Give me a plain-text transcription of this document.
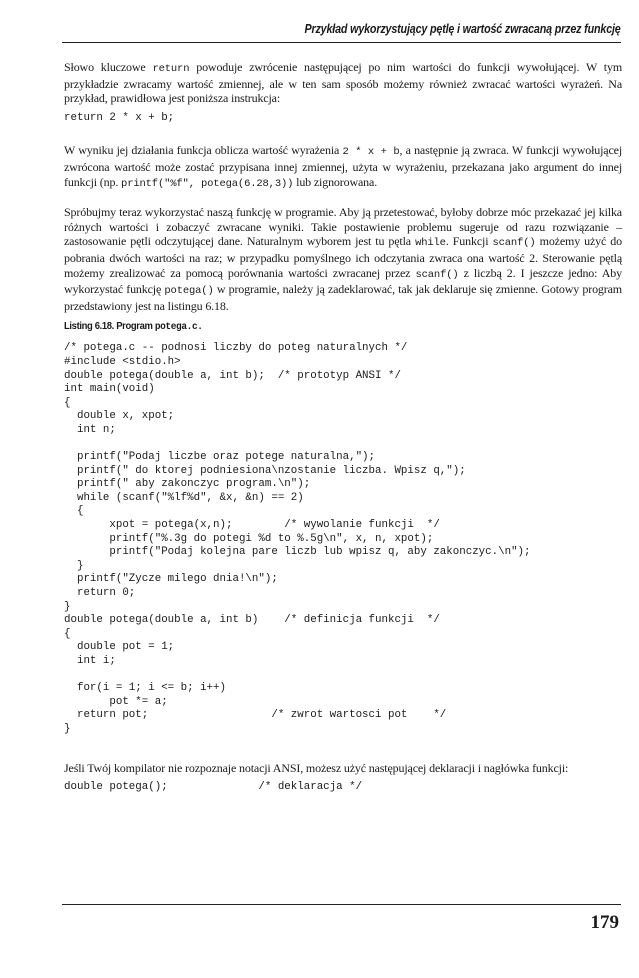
Przykład wykorzystujący pętlę i wartość zwracaną przez funkcję

Słowo kluczowe return powoduje zwrócenie następującej po nim wartości do funkcji wywołującej. W tym przykładzie zwracamy wartość zmiennej, ale w ten sam sposób możemy również zwracać wartości wyrażeń. Na przykład, prawidłowa jest poniższa instrukcja:

return 2 * x + b;

W wyniku jej działania funkcja oblicza wartość wyrażenia 2 * x + b, a następnie ją zwraca. W funkcji wywołującej zwrócona wartość może zostać przypisana innej zmiennej, użyta w wyrażeniu, przekazana jako argument do innej funkcji (np. printf("%f", potega(6.28,3)) lub zignorowana.

Spróbujmy teraz wykorzystać naszą funkcję w programie. Aby ją przetestować, byłoby dobrze móc przekazać jej kilka różnych wartości i zobaczyć zwracane wyniki. Takie postawienie problemu sugeruje od razu rozwiązanie – zastosowanie pętli odczytującej dane. Naturalnym wyborem jest tu pętla while. Funkcji scanf() możemy użyć do pobrania dwóch wartości na raz; w przypadku pomyślnego ich odczytania zwraca ona wartość 2. Sterowanie pętlą możemy zrealizować za pomocą porównania wartości zwracanej przez scanf() z liczbą 2. I jeszcze jedno: Aby wykorzystać funkcję potega() w programie, należy ją zadeklarować, tak jak deklaruje się zmienne. Gotowy program przedstawiony jest na listingu 6.18.

Listing 6.18. Program potega.c.
/* potega.c -- podnosi liczby do poteg naturalnych */
#include <stdio.h>
double potega(double a, int b);  /* prototyp ANSI */
int main(void)
{
double x, xpot;
int n;

printf("Podaj liczbe oraz potege naturalna,");
printf(" do ktorej podniesiona\nzostanie liczba. Wpisz q,");
printf(" aby zakonczyc program.\n");
while (scanf("%lf%d", &x, &n) == 2)
{
xpot = potega(x,n);        /* wywolanie funkcji  */
printf("%.3g do potegi %d to %.5g\n", x, n, xpot);
printf("Podaj kolejna pare liczb lub wpisz q, aby zakonczyc.\n");
}
printf("Zycze milego dnia!\n");
return 0;
}
double potega(double a, int b)    /* definicja funkcji  */
{
double pot = 1;
int i;

for(i = 1; i <= b; i++)
pot *= a;
return pot;                   /* zwrot wartosci pot    */
}

Jeśli Twój kompilator nie rozpoznaje notacji ANSI, możesz użyć następującej deklaracji i nagłówka funkcji:

double potega();              /* deklaracja */
179
